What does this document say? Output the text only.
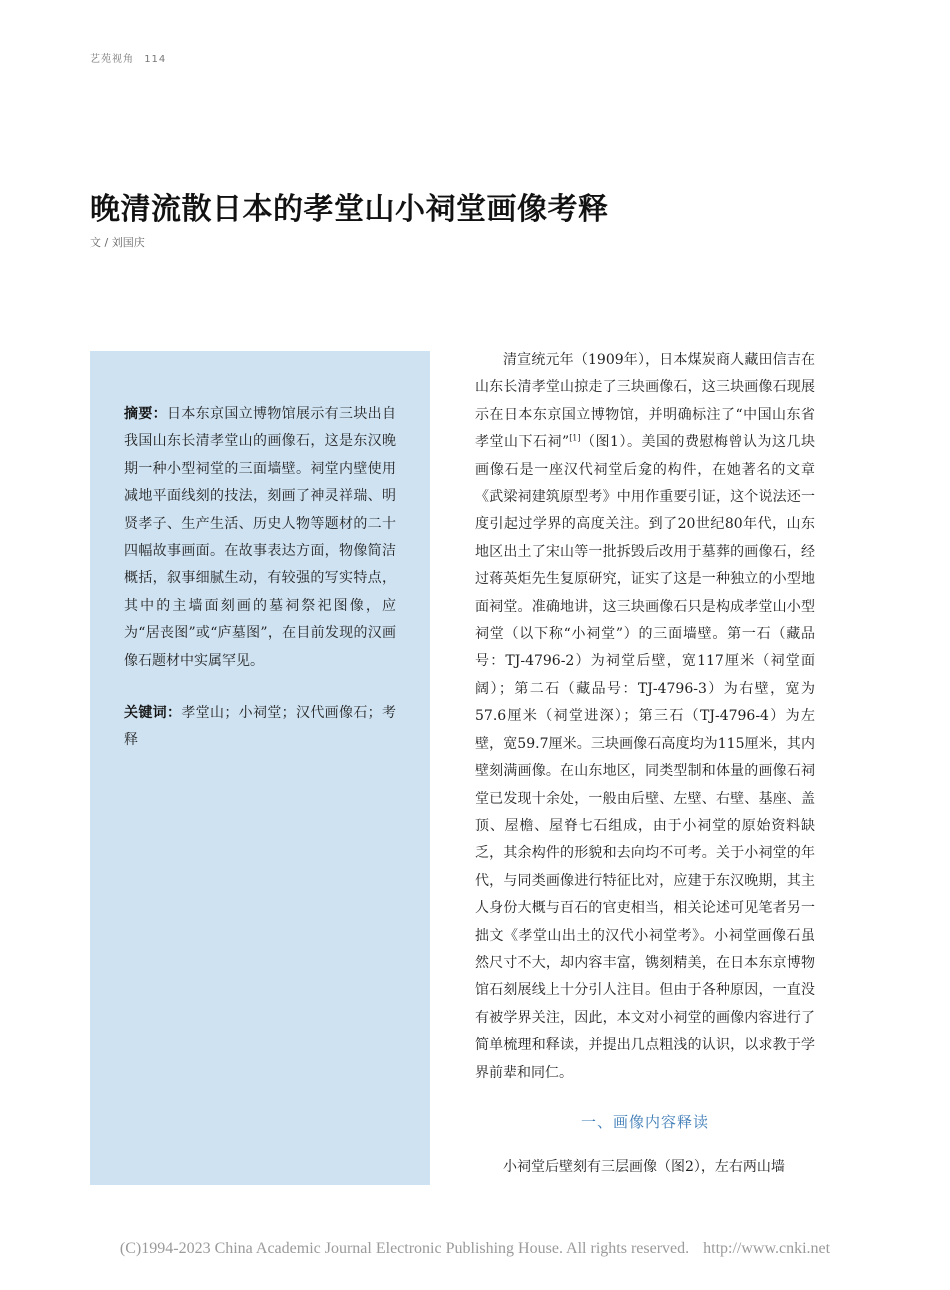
艺苑视角 114
晚清流散日本的孝堂山小祠堂画像考释
文 / 刘国庆

摘要：日本东京国立博物馆展示有三块出自我国山东长清孝堂山的画像石，这是东汉晚期一种小型祠堂的三面墙壁。祠堂内壁使用减地平面线刻的技法，刻画了神灵祥瑞、明贤孝子、生产生活、历史人物等题材的二十四幅故事画面。在故事表达方面，物像简洁概括，叙事细腻生动，有较强的写实特点，其中的主墙面刻画的墓祠祭祀图像，应为“居丧图”或“庐墓图”，在目前发现的汉画像石题材中实属罕见。

关键词：孝堂山；小祠堂；汉代画像石；考释

清宣统元年（1909年），日本煤炭商人藏田信吉在山东长清孝堂山掠走了三块画像石，这三块画像石现展示在日本东京国立博物馆，并明确标注了“中国山东省孝堂山下石祠”[1]（图1）。美国的费慰梅曾认为这几块画像石是一座汉代祠堂后龛的构件，在她著名的文章《武梁祠建筑原型考》中用作重要引证，这个说法还一度引起过学界的高度关注。到了20世纪80年代，山东地区出土了宋山等一批拆毁后改用于墓葬的画像石，经过蒋英炬先生复原研究，证实了这是一种独立的小型地面祠堂。准确地讲，这三块画像石只是构成孝堂山小型祠堂（以下称“小祠堂”）的三面墙壁。第一石（藏品号：TJ-4796-2）为祠堂后壁，宽117厘米（祠堂面阔）；第二石（藏品号：TJ-4796-3）为右壁，宽为57.6厘米（祠堂进深）；第三石（TJ-4796-4）为左壁，宽59.7厘米。三块画像石高度均为115厘米，其内壁刻满画像。在山东地区，同类型制和体量的画像石祠堂已发现十余处，一般由后壁、左壁、右壁、基座、盖顶、屋檐、屋脊七石组成，由于小祠堂的原始资料缺乏，其余构件的形貌和去向均不可考。关于小祠堂的年代，与同类画像进行特征比对，应建于东汉晚期，其主人身份大概与百石的官吏相当，相关论述可见笔者另一拙文《孝堂山出土的汉代小祠堂考》。小祠堂画像石虽然尺寸不大，却内容丰富，镌刻精美，在日本东京博物馆石刻展线上十分引人注目。但由于各种原因，一直没有被学界关注，因此，本文对小祠堂的画像内容进行了简单梳理和释读，并提出几点粗浅的认识，以求教于学界前辈和同仁。

一、画像内容释读

小祠堂后壁刻有三层画像（图2），左右两山墙

(C)1994-2023 China Academic Journal Electronic Publishing House. All rights reserved. http://www.cnki.net
